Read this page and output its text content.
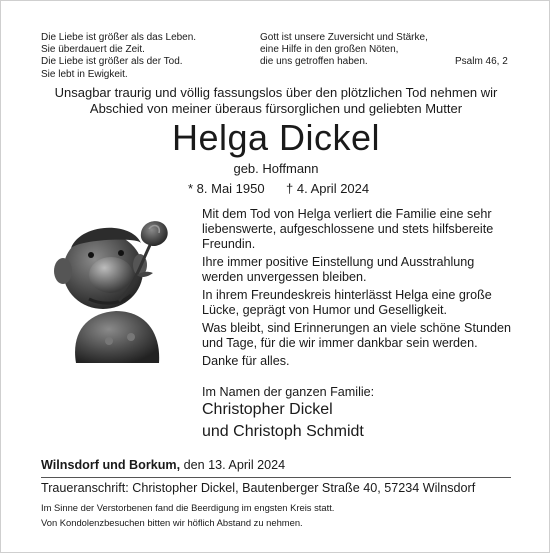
Die Liebe ist größer als das Leben.
Sie überdauert die Zeit.
Die Liebe ist größer als der Tod.
Sie lebt in Ewigkeit.
Gott ist unsere Zuversicht und Stärke,
eine Hilfe in den großen Nöten,
die uns getroffen haben.	Psalm 46, 2
Unsagbar traurig und völlig fassungslos über den plötzlichen Tod nehmen wir
Abschied von meiner überaus fürsorglichen und geliebten Mutter
Helga Dickel
geb. Hoffmann
* 8. Mai 1950 † 4. April 2024

Mit dem Tod von Helga verliert die Familie eine sehr liebenswerte, aufgeschlossene und stets hilfsbereite Freundin.

Ihre immer positive Einstellung und Ausstrahlung werden unvergessen bleiben.

In ihrem Freundeskreis hinterlässt Helga eine große Lücke, geprägt von Humor und Geselligkeit.

Was bleibt, sind Erinnerungen an viele schöne Stunden und Tage, für die wir immer dankbar sein werden.

Danke für alles.

Im Namen der ganzen Familie:
Christopher Dickel
und Christoph Schmidt
Wilnsdorf und Borkum, den 13. April 2024
Traueranschrift: Christopher Dickel, Bautenberger Straße 40, 57234 Wilnsdorf
Im Sinne der Verstorbenen fand die Beerdigung im engsten Kreis statt.
Von Kondolenzbesuchen bitten wir höflich Abstand zu nehmen.
